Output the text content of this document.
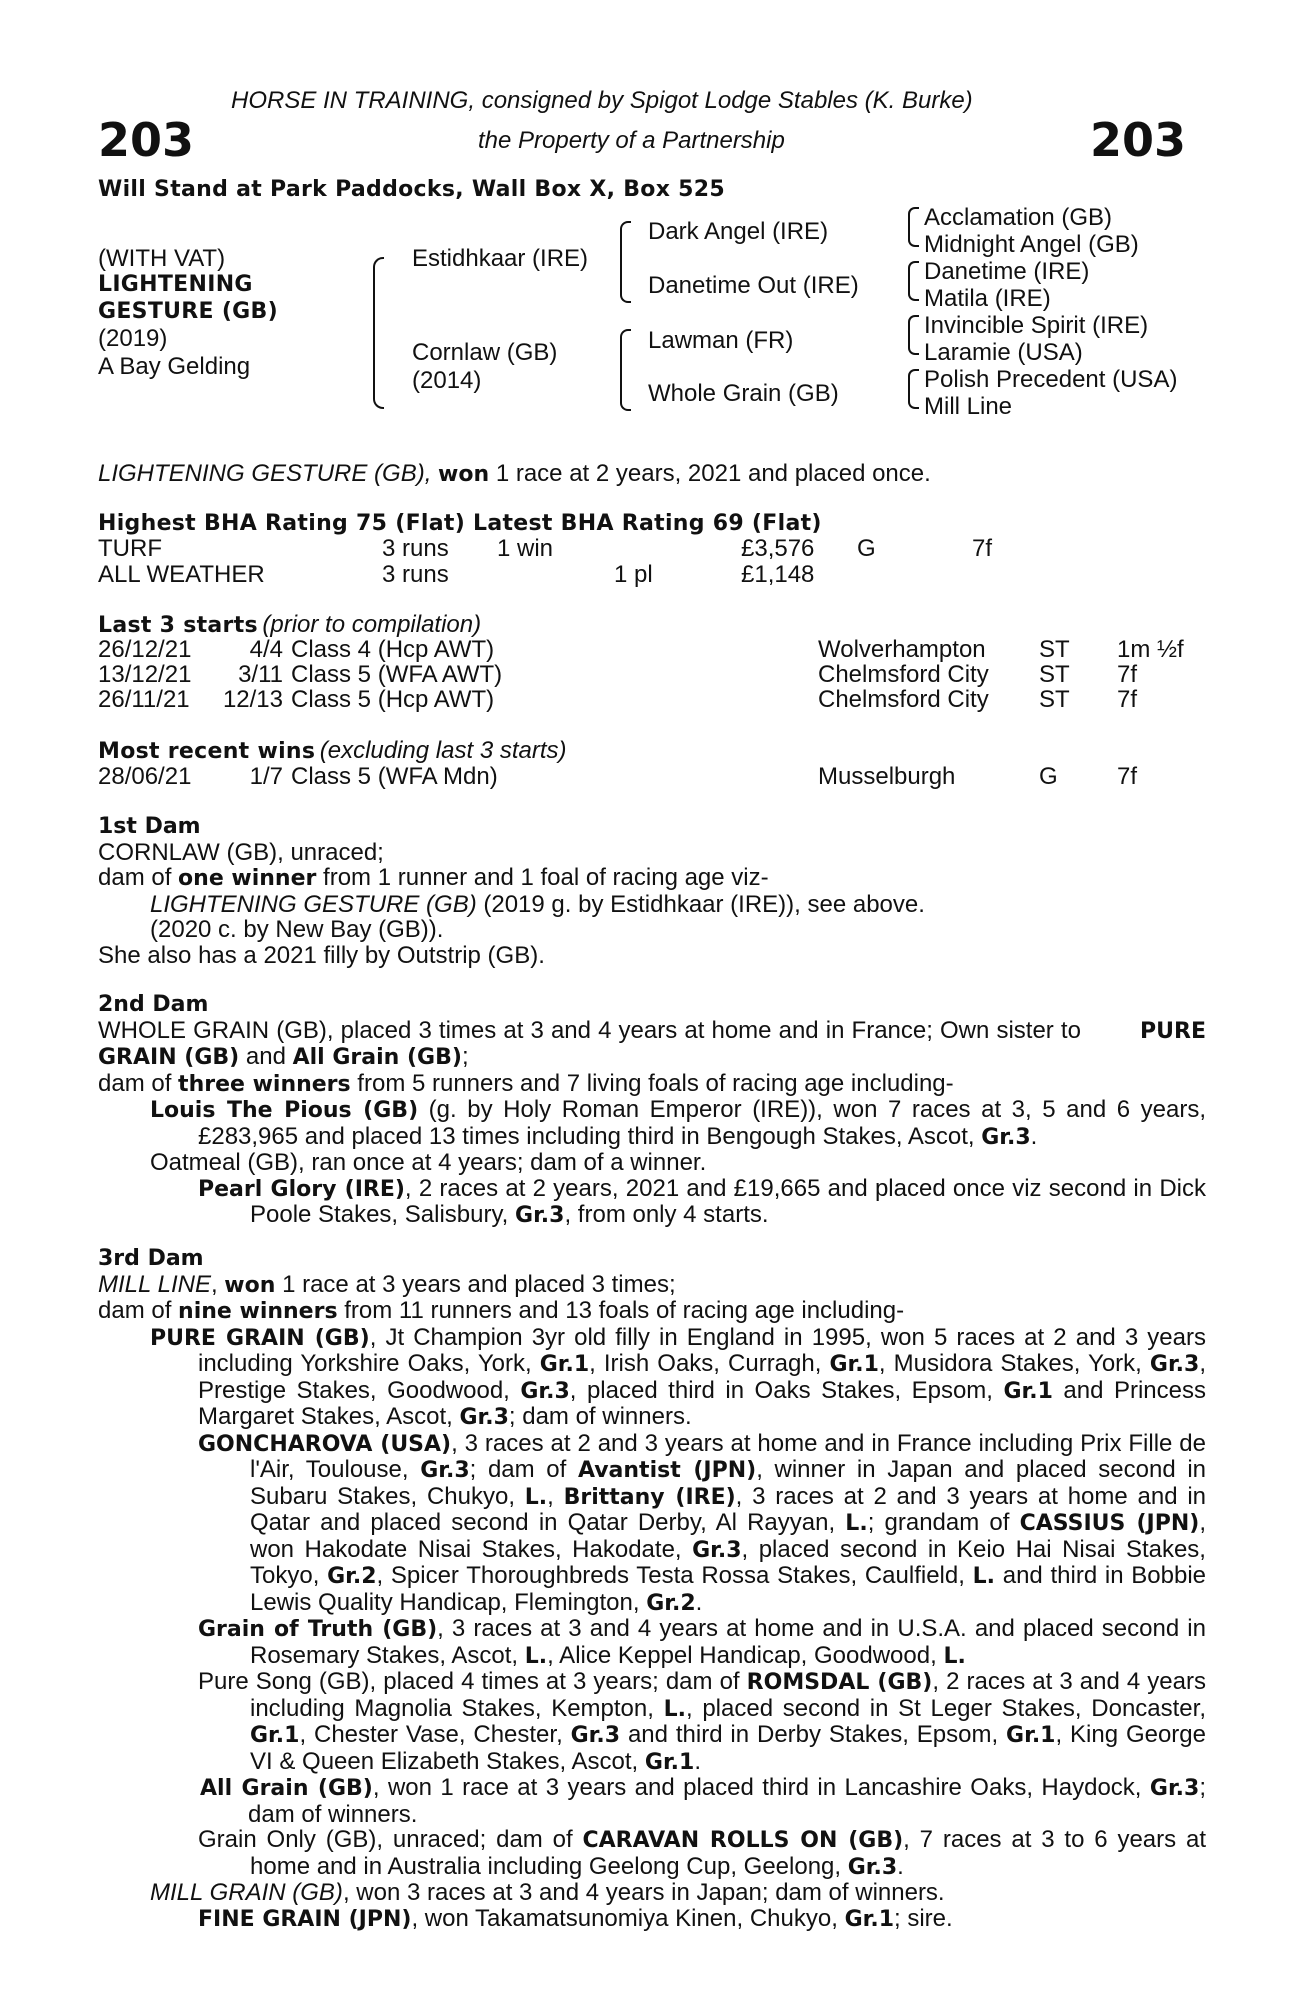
203	203
HORSE IN TRAINING, consigned by Spigot Lodge Stables (K. Burke)
the Property of a Partnership
Will Stand at Park Paddocks, Wall Box X, Box 525
(WITH VAT)
LIGHTENING
GESTURE (GB)
(2019)
A Bay Gelding
Estidhkaar (IRE)
Cornlaw (GB)
(2014)
Dark Angel (IRE)
Danetime Out (IRE)
Lawman (FR)
Whole Grain (GB)
Acclamation (GB)
Midnight Angel (GB)
Danetime (IRE)
Matila (IRE)
Invincible Spirit (IRE)
Laramie (USA)
Polish Precedent (USA)
Mill Line
LIGHTENING GESTURE (GB), won 1 race at 2 years, 2021 and placed once.
Highest BHA Rating 75 (Flat) Latest BHA Rating 69 (Flat)
TURF	3 runs 1 win	£3,576 G	7f
ALL WEATHER	3 runs	1 pl	£1,148
Last 3 starts (prior to compilation)
26/12/21	4/4 Class 4 (Hcp AWT)	Wolverhampton ST 1m ½f
13/12/21	3/11 Class 5 (WFA AWT)	Chelmsford City ST 7f
26/11/21	12/13 Class 5 (Hcp AWT)	Chelmsford City ST 7f
Most recent wins (excluding last 3 starts)
28/06/21	1/7 Class 5 (WFA Mdn)	Musselburgh	G 7f

1st Dam

CORNLAW (GB), unraced;

dam of one winner from 1 runner and 1 foal of racing age viz-

LIGHTENING GESTURE (GB) (2019 g. by Estidhkaar (IRE)), see above.

(2020 c. by New Bay (GB)).

She also has a 2021 filly by Outstrip (GB).

2nd Dam

WHOLE GRAIN (GB), placed 3 times at 3 and 4 years at home and in France; Own sister to PURE GRAIN (GB) and All Grain (GB);

dam of three winners from 5 runners and 7 living foals of racing age including-

Louis The Pious (GB) (g. by Holy Roman Emperor (IRE)), won 7 races at 3, 5 and 6 years, £283,965 and placed 13 times including third in Bengough Stakes, Ascot, Gr.3.

Oatmeal (GB), ran once at 4 years; dam of a winner.

Pearl Glory (IRE), 2 races at 2 years, 2021 and £19,665 and placed once viz second in Dick Poole Stakes, Salisbury, Gr.3, from only 4 starts.

3rd Dam

MILL LINE, won 1 race at 3 years and placed 3 times;

dam of nine winners from 11 runners and 13 foals of racing age including-

PURE GRAIN (GB), Jt Champion 3yr old filly in England in 1995, won 5 races at 2 and 3 years including Yorkshire Oaks, York, Gr.1, Irish Oaks, Curragh, Gr.1, Musidora Stakes, York, Gr.3, Prestige Stakes, Goodwood, Gr.3, placed third in Oaks Stakes, Epsom, Gr.1 and Princess Margaret Stakes, Ascot, Gr.3; dam of winners.

GONCHAROVA (USA), 3 races at 2 and 3 years at home and in France including Prix Fille de l'Air, Toulouse, Gr.3; dam of Avantist (JPN), winner in Japan and placed second in Subaru Stakes, Chukyo, L., Brittany (IRE), 3 races at 2 and 3 years at home and in Qatar and placed second in Qatar Derby, Al Rayyan, L.; grandam of CASSIUS (JPN), won Hakodate Nisai Stakes, Hakodate, Gr.3, placed second in Keio Hai Nisai Stakes, Tokyo, Gr.2, Spicer Thoroughbreds Testa Rossa Stakes, Caulfield, L. and third in Bobbie Lewis Quality Handicap, Flemington, Gr.2.

Grain of Truth (GB), 3 races at 3 and 4 years at home and in U.S.A. and placed second in Rosemary Stakes, Ascot, L., Alice Keppel Handicap, Goodwood, L.

Pure Song (GB), placed 4 times at 3 years; dam of ROMSDAL (GB), 2 races at 3 and 4 years including Magnolia Stakes, Kempton, L., placed second in St Leger Stakes, Doncaster, Gr.1, Chester Vase, Chester, Gr.3 and third in Derby Stakes, Epsom, Gr.1, King George VI & Queen Elizabeth Stakes, Ascot, Gr.1.

All Grain (GB), won 1 race at 3 years and placed third in Lancashire Oaks, Haydock, Gr.3; dam of winners.

Grain Only (GB), unraced; dam of CARAVAN ROLLS ON (GB), 7 races at 3 to 6 years at home and in Australia including Geelong Cup, Geelong, Gr.3.

MILL GRAIN (GB), won 3 races at 3 and 4 years in Japan; dam of winners.

FINE GRAIN (JPN), won Takamatsunomiya Kinen, Chukyo, Gr.1; sire.
